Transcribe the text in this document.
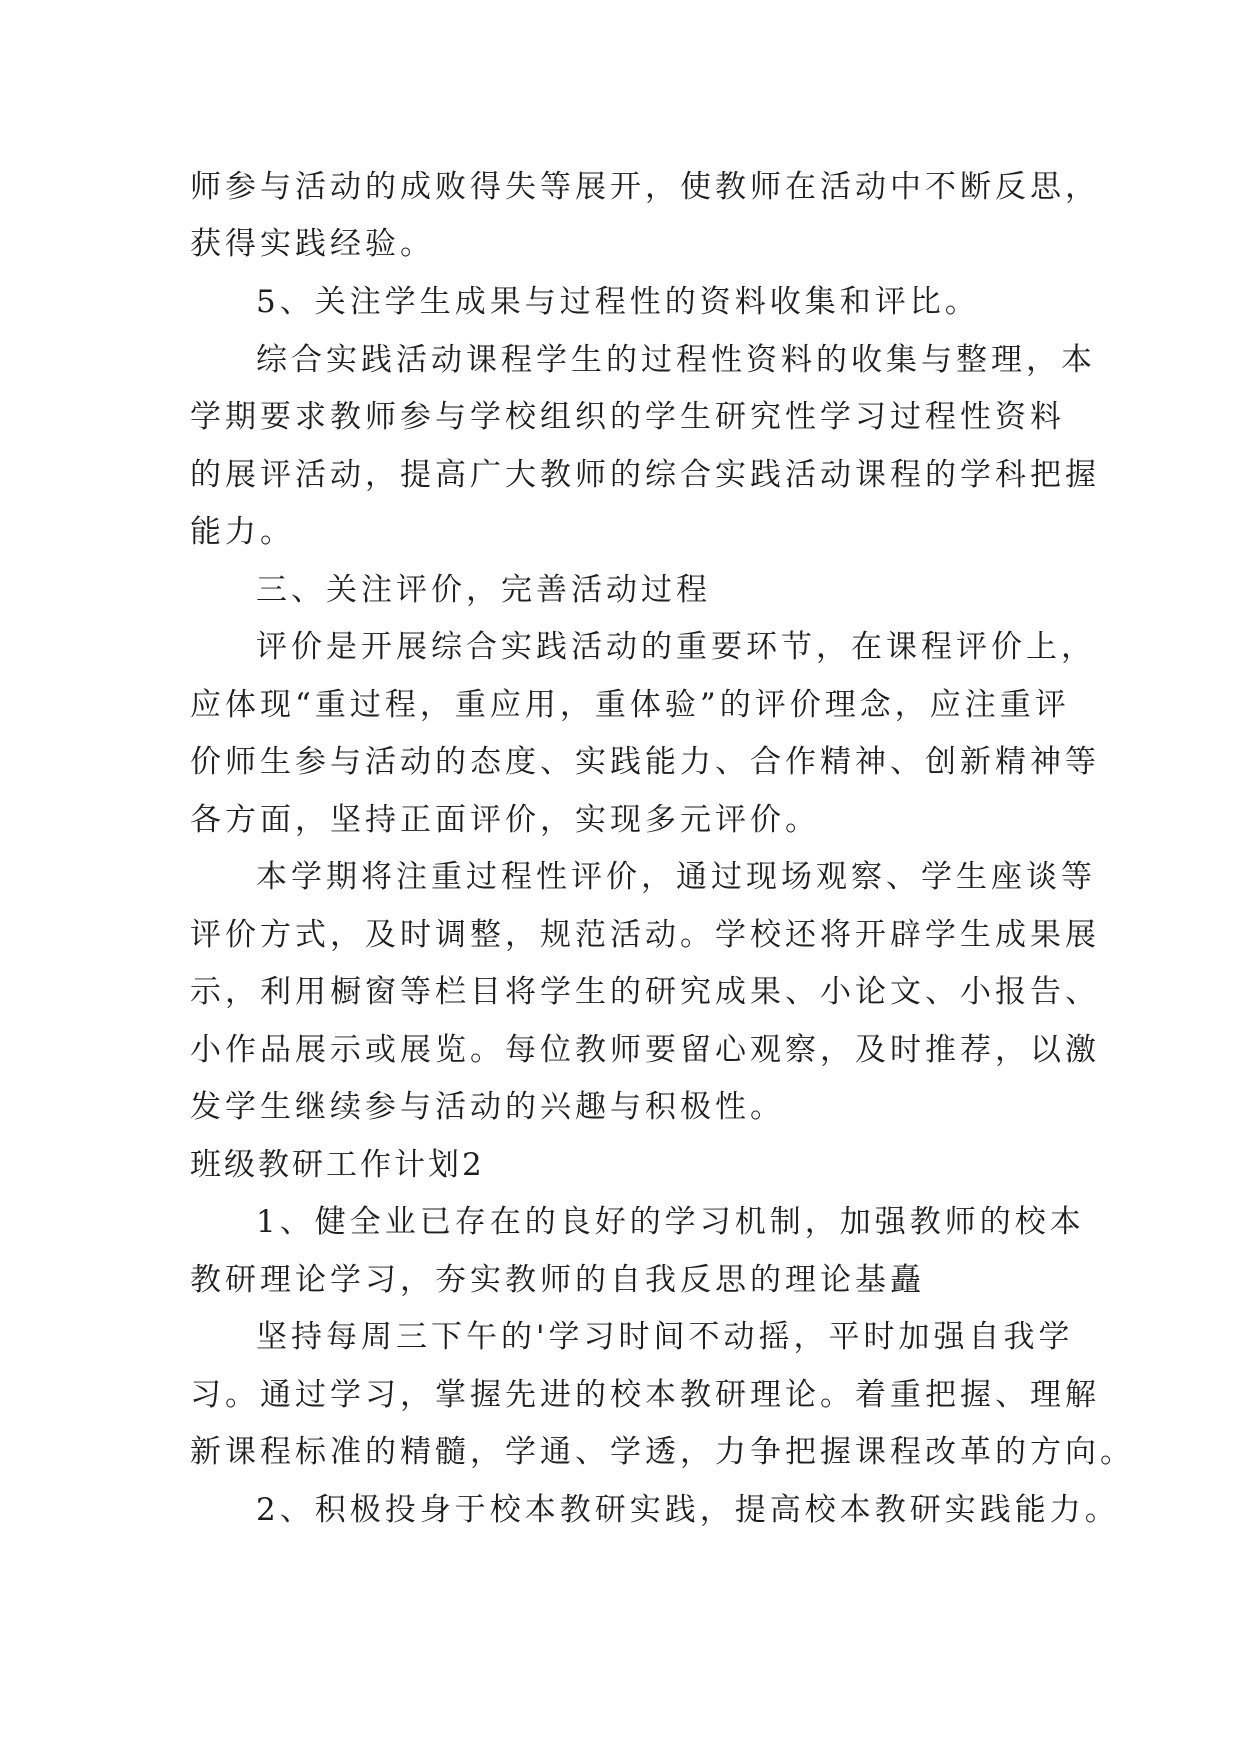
师参与活动的成败得失等展开，使教师在活动中不断反思，
获得实践经验。
5、关注学生成果与过程性的资料收集和评比。
综合实践活动课程学生的过程性资料的收集与整理，本
学期要求教师参与学校组织的学生研究性学习过程性资料
的展评活动，提高广大教师的综合实践活动课程的学科把握
能力。
三、关注评价，完善活动过程
评价是开展综合实践活动的重要环节，在课程评价上，
应体现“重过程，重应用，重体验”的评价理念，应注重评
价师生参与活动的态度、实践能力、合作精神、创新精神等
各方面，坚持正面评价，实现多元评价。
本学期将注重过程性评价，通过现场观察、学生座谈等
评价方式，及时调整，规范活动。学校还将开辟学生成果展
示，利用橱窗等栏目将学生的研究成果、小论文、小报告、
小作品展示或展览。每位教师要留心观察，及时推荐，以激
发学生继续参与活动的兴趣与积极性。
班级教研工作计划2
1、健全业已存在的良好的学习机制，加强教师的校本
教研理论学习，夯实教师的自我反思的理论基矗
坚持每周三下午的'学习时间不动摇，平时加强自我学
习。通过学习，掌握先进的校本教研理论。着重把握、理解
新课程标准的精髓，学通、学透，力争把握课程改革的方向。
2、积极投身于校本教研实践，提高校本教研实践能力。
